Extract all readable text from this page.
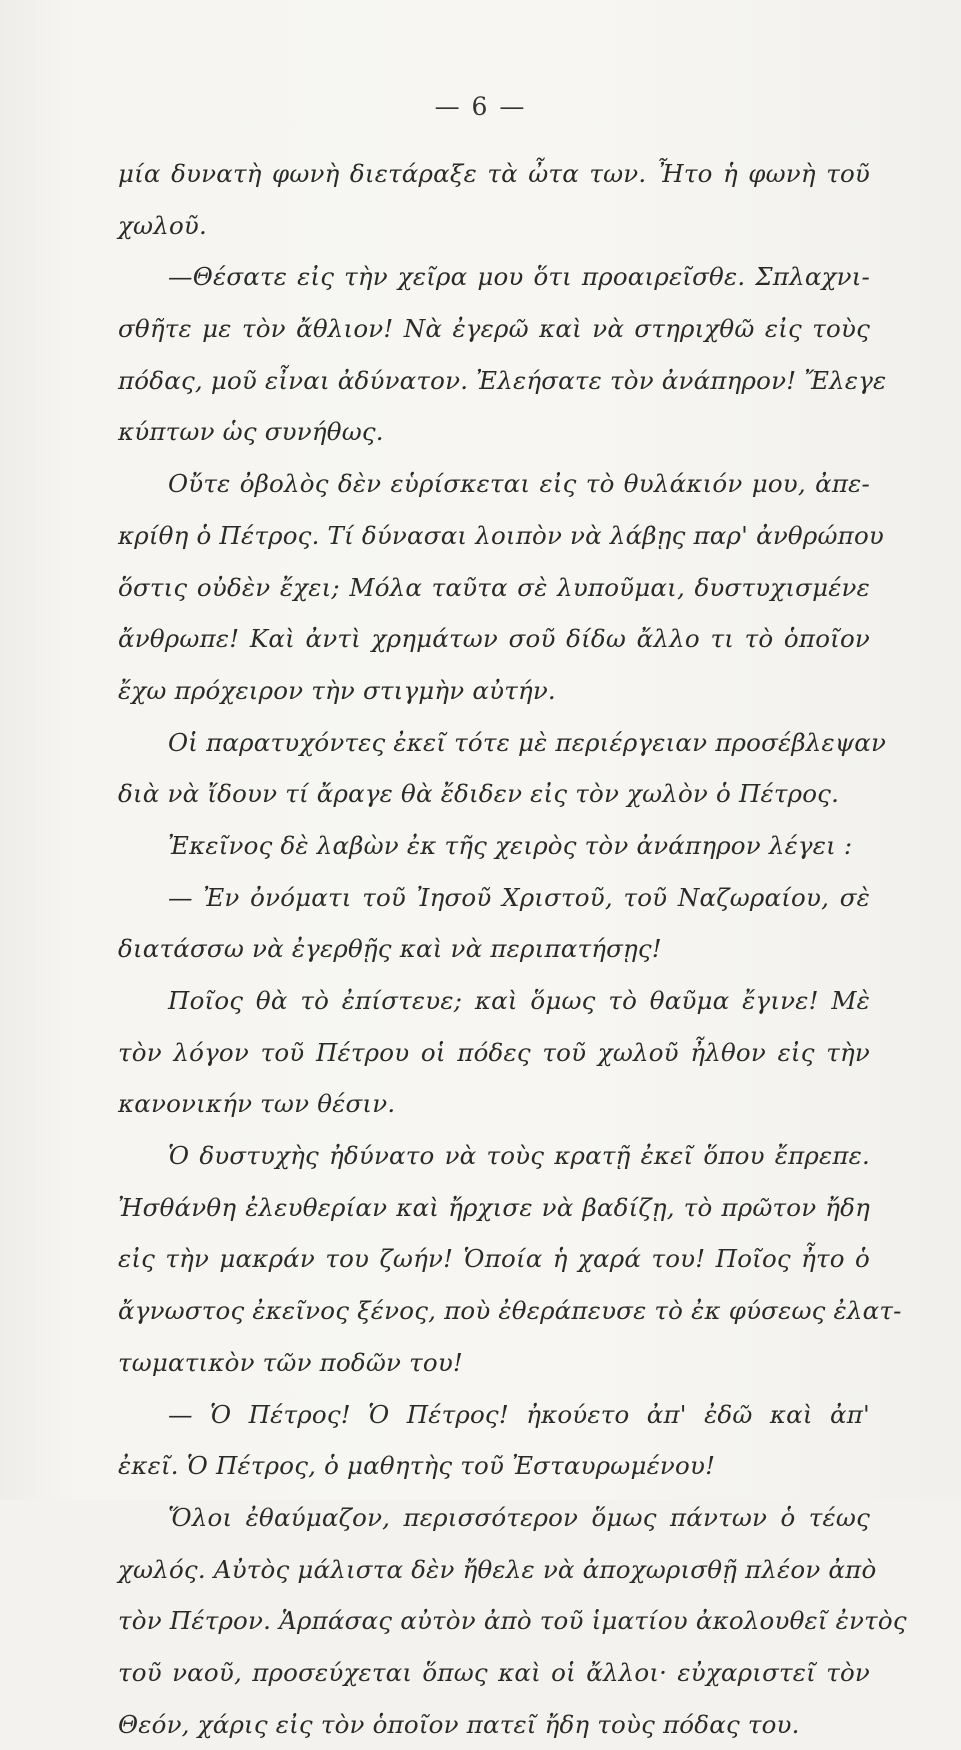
— 6 —
μία δυνατὴ φωνὴ διετάραξε τὰ ὦτα των. Ἦτο ἡ φωνὴ τοῦ
χωλοῦ.
—Θέσατε εἰς τὴν χεῖρα μου ὅτι προαιρεῖσθε. Σπλαχνι-
σθῆτε με τὸν ἄθλιον! Νὰ ἐγερῶ καὶ νὰ στηριχθῶ εἰς τοὺς
πόδας, μοῦ εἶναι ἀδύνατον. Ἐλεήσατε τὸν ἀνάπηρον! Ἔλεγε
κύπτων ὡς συνήθως.
Οὔτε ὀβολὸς δὲν εὑρίσκεται εἰς τὸ θυλάκιόν μου, ἀπε-
κρίθη ὁ Πέτρος. Τί δύνασαι λοιπὸν νὰ λάβῃς παρ' ἀνθρώπου
ὅστις οὐδὲν ἔχει; Μόλα ταῦτα σὲ λυποῦμαι, δυστυχισμένε
ἄνθρωπε! Καὶ ἀντὶ χρημάτων σοῦ δίδω ἄλλο τι τὸ ὁποῖον
ἔχω πρόχειρον τὴν στιγμὴν αὐτήν.
Οἱ παρατυχόντες ἐκεῖ τότε μὲ περιέργειαν προσέβλεψαν
διὰ νὰ ἴδουν τί ἄραγε θὰ ἔδιδεν εἰς τὸν χωλὸν ὁ Πέτρος.
Ἐκεῖνος δὲ λαβὼν ἐκ τῆς χειρὸς τὸν ἀνάπηρον λέγει :
— Ἐν ὀνόματι τοῦ Ἰησοῦ Χριστοῦ, τοῦ Ναζωραίου, σὲ
διατάσσω νὰ ἐγερθῇς καὶ νὰ περιπατήσῃς!
Ποῖος θὰ τὸ ἐπίστευε; καὶ ὅμως τὸ θαῦμα ἔγινε! Μὲ
τὸν λόγον τοῦ Πέτρου οἱ πόδες τοῦ χωλοῦ ἦλθον εἰς τὴν
κανονικήν των θέσιν.
Ὁ δυστυχὴς ἠδύνατο νὰ τοὺς κρατῇ ἐκεῖ ὅπου ἔπρεπε.
Ἠσθάνθη ἐλευθερίαν καὶ ἤρχισε νὰ βαδίζῃ, τὸ πρῶτον ἤδη
εἰς τὴν μακράν του ζωήν! Ὁποία ἡ χαρά του! Ποῖος ἦτο ὁ
ἄγνωστος ἐκεῖνος ξένος, ποὺ ἐθεράπευσε τὸ ἐκ φύσεως ἐλατ-
τωματικὸν τῶν ποδῶν του!
— Ὁ Πέτρος! Ὁ Πέτρος! ἠκούετο ἀπ' ἐδῶ καὶ ἀπ'
ἐκεῖ. Ὁ Πέτρος, ὁ μαθητὴς τοῦ Ἐσταυρωμένου!
Ὅλοι ἐθαύμαζον, περισσότερον ὅμως πάντων ὁ τέως
χωλός. Αὐτὸς μάλιστα δὲν ἤθελε νὰ ἀποχωρισθῇ πλέον ἀπὸ
τὸν Πέτρον. Ἁρπάσας αὐτὸν ἀπὸ τοῦ ἱματίου ἀκολουθεῖ ἐντὸς
τοῦ ναοῦ, προσεύχεται ὅπως καὶ οἱ ἄλλοι· εὐχαριστεῖ τὸν
Θεόν, χάρις εἰς τὸν ὁποῖον πατεῖ ἤδη τοὺς πόδας του.
